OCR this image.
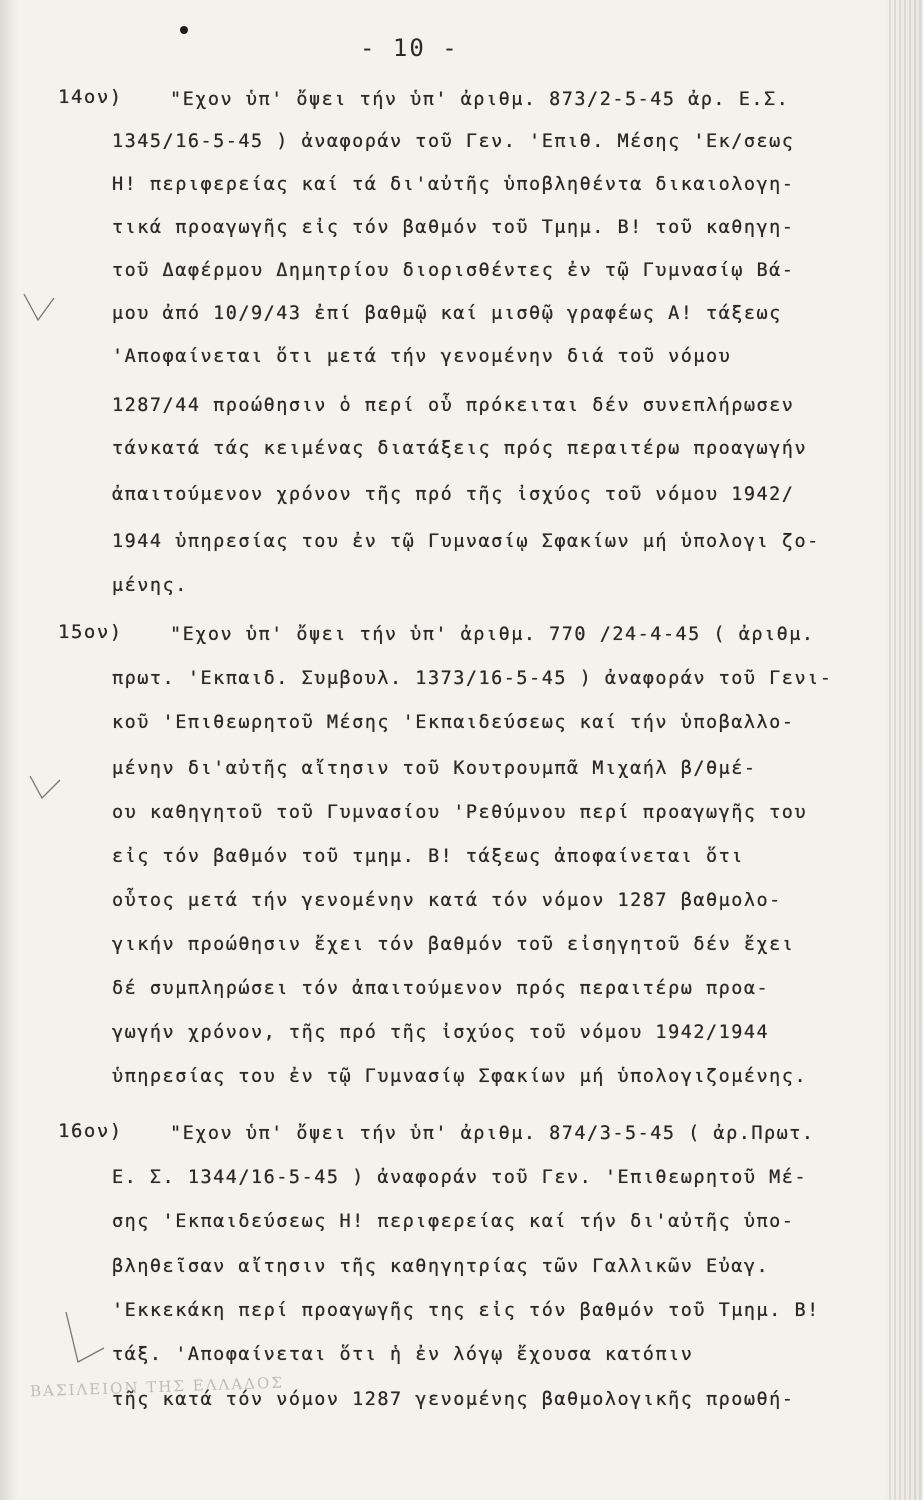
- 10 -
14ον)	"Εχον ὑπ' ὄψει τήν ὑπ' ἀριθμ. 873/2-5-45 ἀρ. Ε.Σ.
1345/16-5-45 ) ἀναφοράν τοῦ Γεν. 'Επιθ. Μέσης 'Εκ/σεως
Η! περιφερείας καί τά δι'αὐτῆς ὑποβληθέντα δικαιολογη-
τικά προαγωγῆς εἰς τόν βαθμόν τοῦ Τμημ. Β! τοῦ καθηγη-
τοῦ Δαφέρμου Δημητρίου διορισθέντες ἐν τῷ Γυμνασίῳ Βά-
μου ἀπό 10/9/43 ἐπί βαθμῷ καί μισθῷ γραφέως Α! τάξεως
'Αποφαίνεται ὅτι μετά τήν γενομένην διά τοῦ νόμου
1287/44 προώθησιν ὁ περί οὗ πρόκειται δέν συνεπλήρωσεν
τάνκατά τάς κειμένας διατάξεις πρός περαιτέρω προαγωγήν
ἀπαιτούμενον χρόνον τῆς πρό τῆς ἰσχύος τοῦ νόμου 1942/
1944 ὑπηρεσίας του ἐν τῷ Γυμνασίῳ Σφακίων μή ὑπολογι ζο-
μένης.
15ον)	"Εχον ὑπ' ὄψει τήν ὑπ' ἀριθμ. 770 /24-4-45 ( ἀριθμ.
πρωτ. 'Εκπαιδ. Συμβουλ. 1373/16-5-45 ) ἀναφοράν τοῦ Γενι-
κοῦ 'Επιθεωρητοῦ Μέσης 'Εκπαιδεύσεως καί τήν ὑποβαλλο-
μένην δι'αὐτῆς αἴτησιν τοῦ Κουτρουμπᾶ Μιχαήλ β/θμέ-
ου καθηγητοῦ τοῦ Γυμνασίου 'Ρεθύμνου περί προαγωγῆς του
εἰς τόν βαθμόν τοῦ τμημ. Β! τάξεως ἀποφαίνεται ὅτι
οὗτος μετά τήν γενομένην κατά τόν νόμον 1287 βαθμολο-
γικήν προώθησιν ἔχει τόν βαθμόν τοῦ εἰσηγητοῦ δέν ἔχει
δέ συμπληρώσει τόν ἀπαιτούμενον πρός περαιτέρω προα-
γωγήν χρόνον, τῆς πρό τῆς ἰσχύος τοῦ νόμου 1942/1944
ὑπηρεσίας του ἐν τῷ Γυμνασίῳ Σφακίων μή ὑπολογιζομένης.
16ον)	"Εχον ὑπ' ὄψει τήν ὑπ' ἀριθμ. 874/3-5-45 ( ἀρ.Πρωτ.
Ε. Σ. 1344/16-5-45 ) ἀναφοράν τοῦ Γεν. 'Επιθεωρητοῦ Μέ-
σης 'Εκπαιδεύσεως Η! περιφερείας καί τήν δι'αὐτῆς ὑπο-
βληθεῖσαν αἴτησιν τῆς καθηγητρίας τῶν Γαλλικῶν Εὐαγ.
'Εκκεκάκη περί προαγωγῆς της εἰς τόν βαθμόν τοῦ Τμημ. Β!
τάξ. 'Αποφαίνεται ὅτι ἡ ἐν λόγῳ ἔχουσα κατόπιν
τῆς κατά τόν νόμον 1287 γενομένης βαθμολογικῆς προωθή-
ΒΑΣΙΛΕΙΟΝ ΤΗΣ ΕΛΛΑΔΟΣ
